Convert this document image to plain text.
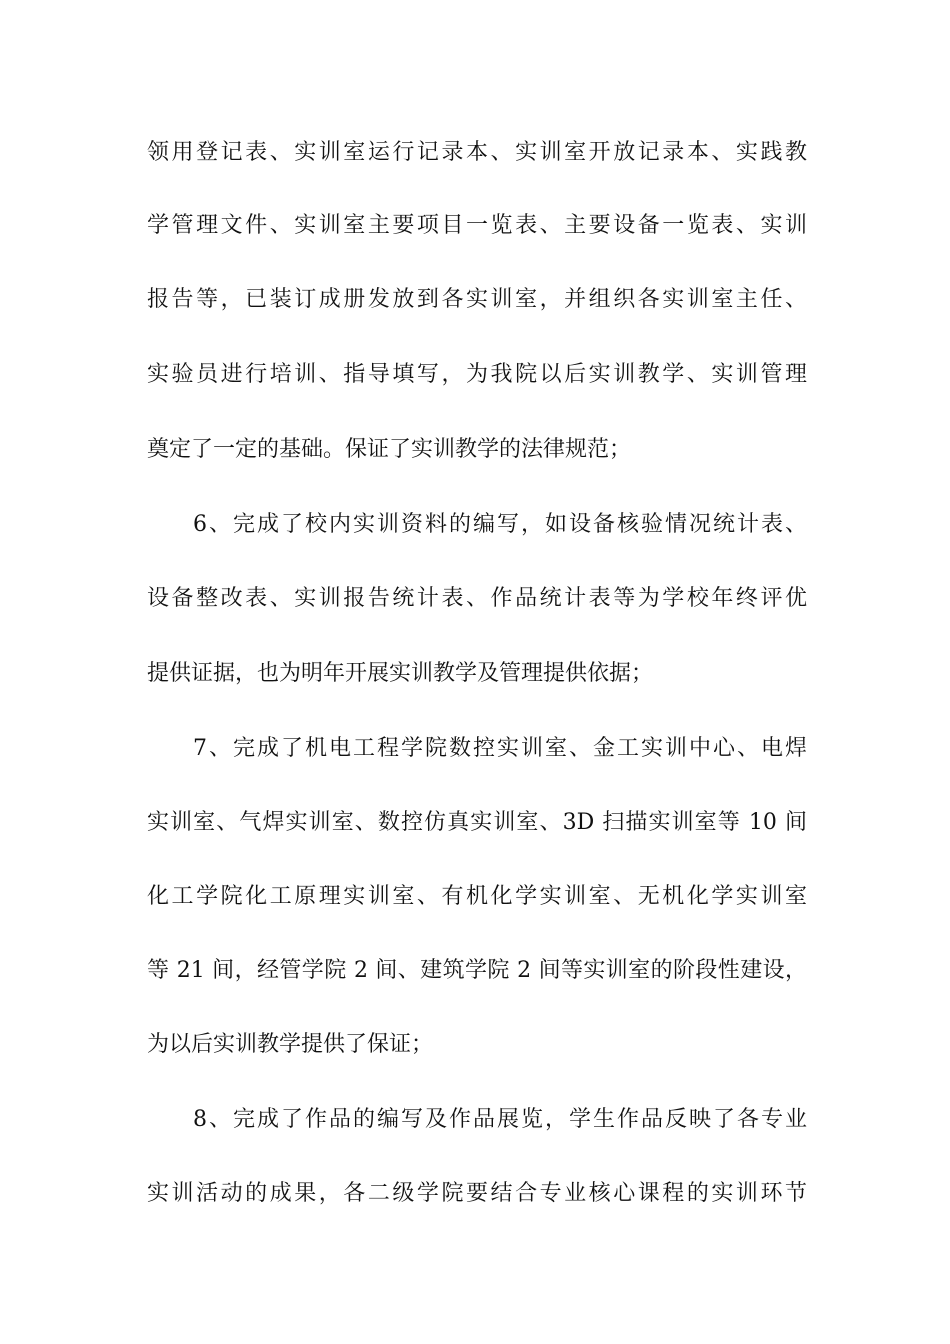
领用登记表、实训室运行记录本、实训室开放记录本、实践教
学管理文件、实训室主要项目一览表、主要设备一览表、实训
报告等，已装订成册发放到各实训室，并组织各实训室主任、
实验员进行培训、指导填写，为我院以后实训教学、实训管理
奠定了一定的基础。保证了实训教学的法律规范；
6、完成了校内实训资料的编写，如设备核验情况统计表、
设备整改表、实训报告统计表、作品统计表等为学校年终评优
提供证据，也为明年开展实训教学及管理提供依据；
7、完成了机电工程学院数控实训室、金工实训中心、电焊
实训室、气焊实训室、数控仿真实训室、3D 扫描实训室等 10 间
化工学院化工原理实训室、有机化学实训室、无机化学实训室
等 21 间，经管学院 2 间、建筑学院 2 间等实训室的阶段性建设，
为以后实训教学提供了保证；
8、完成了作品的编写及作品展览，学生作品反映了各专业
实训活动的成果，各二级学院要结合专业核心课程的实训环节
